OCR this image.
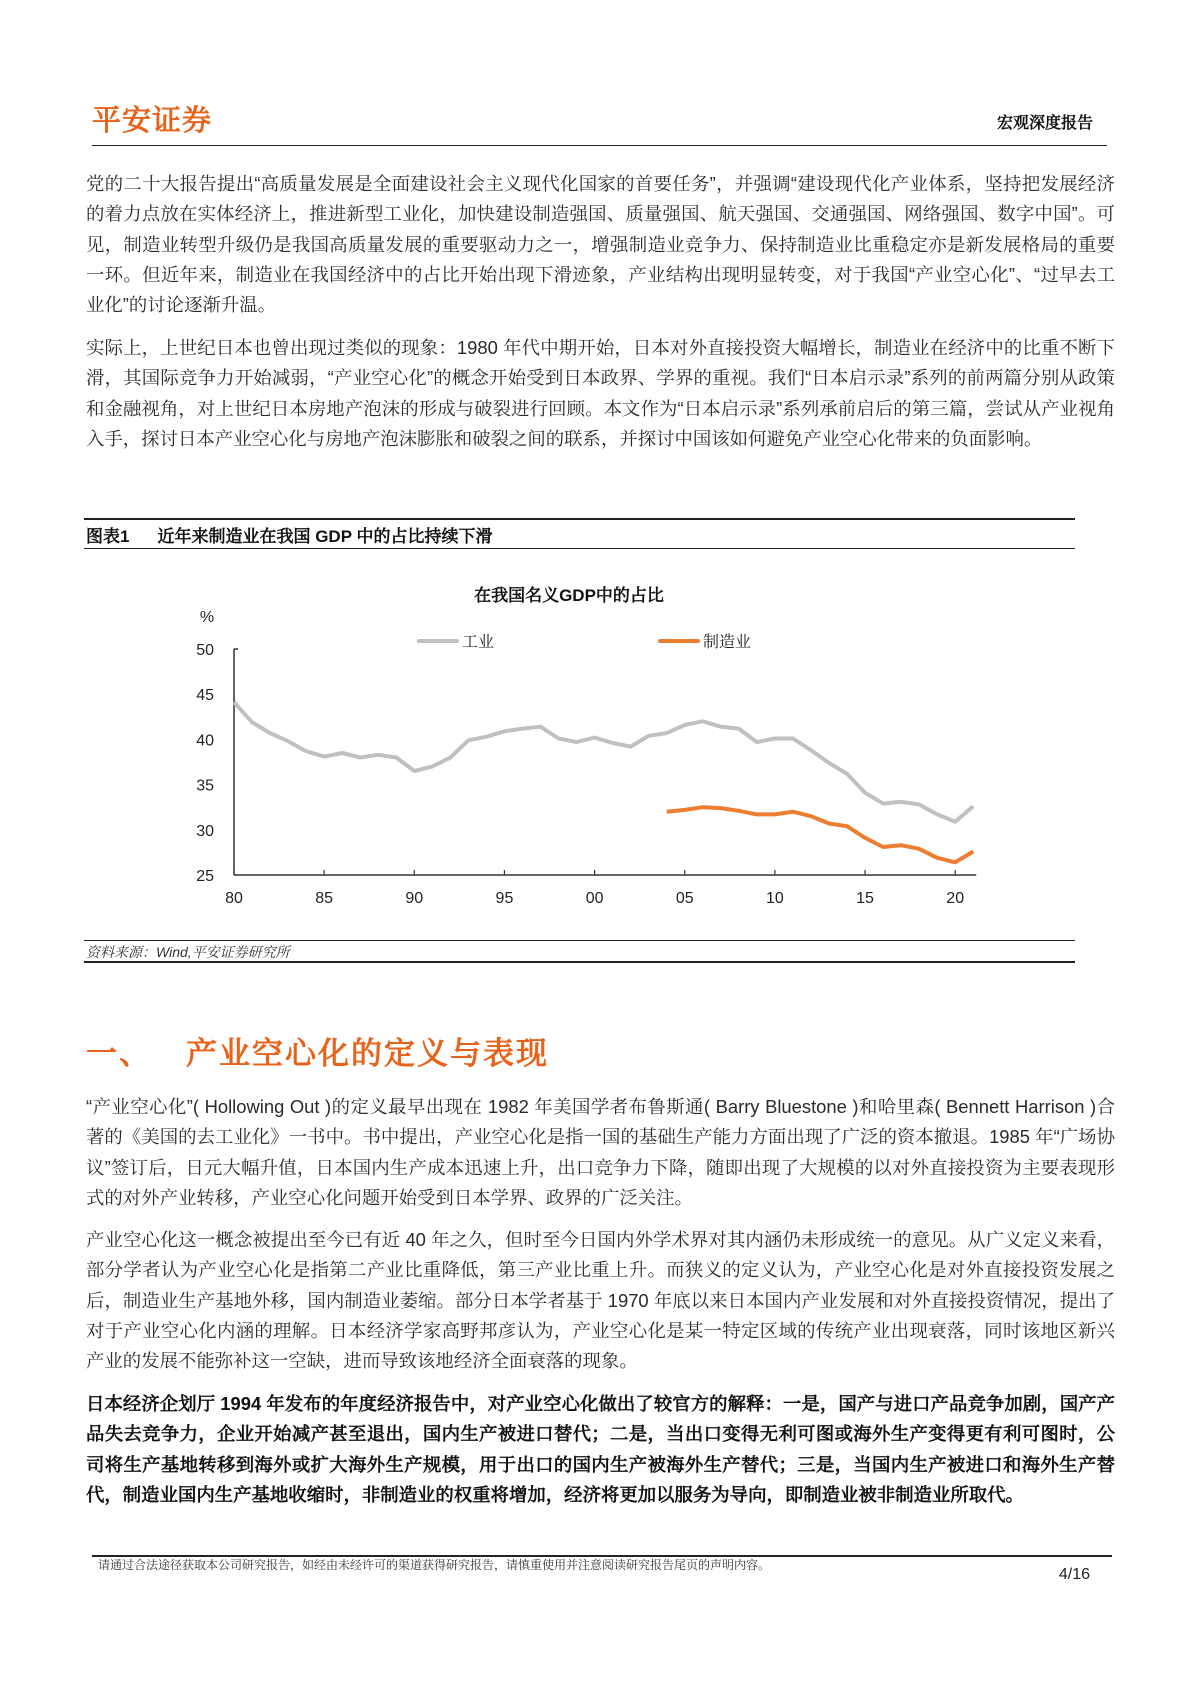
平安证券	宏观深度报告
党的二十大报告提出“高质量发展是全面建设社会主义现代化国家的首要任务”，并强调“建设现代化产业体系，坚持把发展经济的着力点放在实体经济上，推进新型工业化，加快建设制造强国、质量强国、航天强国、交通强国、网络强国、数字中国”。可见，制造业转型升级仍是我国高质量发展的重要驱动力之一，增强制造业竞争力、保持制造业比重稳定亦是新发展格局的重要一环。但近年来，制造业在我国经济中的占比开始出现下滑迹象，产业结构出现明显转变，对于我国“产业空心化”、“过早去工业化”的讨论逐渐升温。
实际上，上世纪日本也曾出现过类似的现象：1980 年代中期开始，日本对外直接投资大幅增长，制造业在经济中的比重不断下滑，其国际竞争力开始减弱，“产业空心化”的概念开始受到日本政界、学界的重视。我们“日本启示录”系列的前两篇分别从政策和金融视角，对上世纪日本房地产泡沫的形成与破裂进行回顾。本文作为“日本启示录”系列承前启后的第三篇，尝试从产业视角入手，探讨日本产业空心化与房地产泡沫膨胀和破裂之间的联系，并探讨中国该如何避免产业空心化带来的负面影响。
图表1 近年来制造业在我国 GDP 中的占比持续下滑
在我国名义GDP中的占比
%
工业	制造业
50
45
40
35
30
25
80	85	90	95	00	05	10	15	20
资料来源：Wind,平安证券研究所
一、 产业空心化的定义与表现
“产业空心化”( Hollowing Out )的定义最早出现在 1982 年美国学者布鲁斯通( Barry Bluestone )和哈里森( Bennett Harrison )合著的《美国的去工业化》一书中。书中提出，产业空心化是指一国的基础生产能力方面出现了广泛的资本撤退。1985 年“广场协议”签订后，日元大幅升值，日本国内生产成本迅速上升，出口竞争力下降，随即出现了大规模的以对外直接投资为主要表现形式的对外产业转移，产业空心化问题开始受到日本学界、政界的广泛关注。
产业空心化这一概念被提出至今已有近 40 年之久，但时至今日国内外学术界对其内涵仍未形成统一的意见。从广义定义来看，部分学者认为产业空心化是指第二产业比重降低，第三产业比重上升。而狭义的定义认为，产业空心化是对外直接投资发展之后，制造业生产基地外移，国内制造业萎缩。部分日本学者基于 1970 年底以来日本国内产业发展和对外直接投资情况，提出了对于产业空心化内涵的理解。日本经济学家高野邦彦认为，产业空心化是某一特定区域的传统产业出现衰落，同时该地区新兴产业的发展不能弥补这一空缺，进而导致该地经济全面衰落的现象。
日本经济企划厅 1994 年发布的年度经济报告中，对产业空心化做出了较官方的解释：一是，国产与进口产品竞争加剧，国产产品失去竞争力，企业开始减产甚至退出，国内生产被进口替代；二是，当出口变得无利可图或海外生产变得更有利可图时，公司将生产基地转移到海外或扩大海外生产规模，用于出口的国内生产被海外生产替代；三是，当国内生产被进口和海外生产替代，制造业国内生产基地收缩时，非制造业的权重将增加，经济将更加以服务为导向，即制造业被非制造业所取代。
请通过合法途径获取本公司研究报告，如经由未经许可的渠道获得研究报告，请慎重使用并注意阅读研究报告尾页的声明内容。
4/16
